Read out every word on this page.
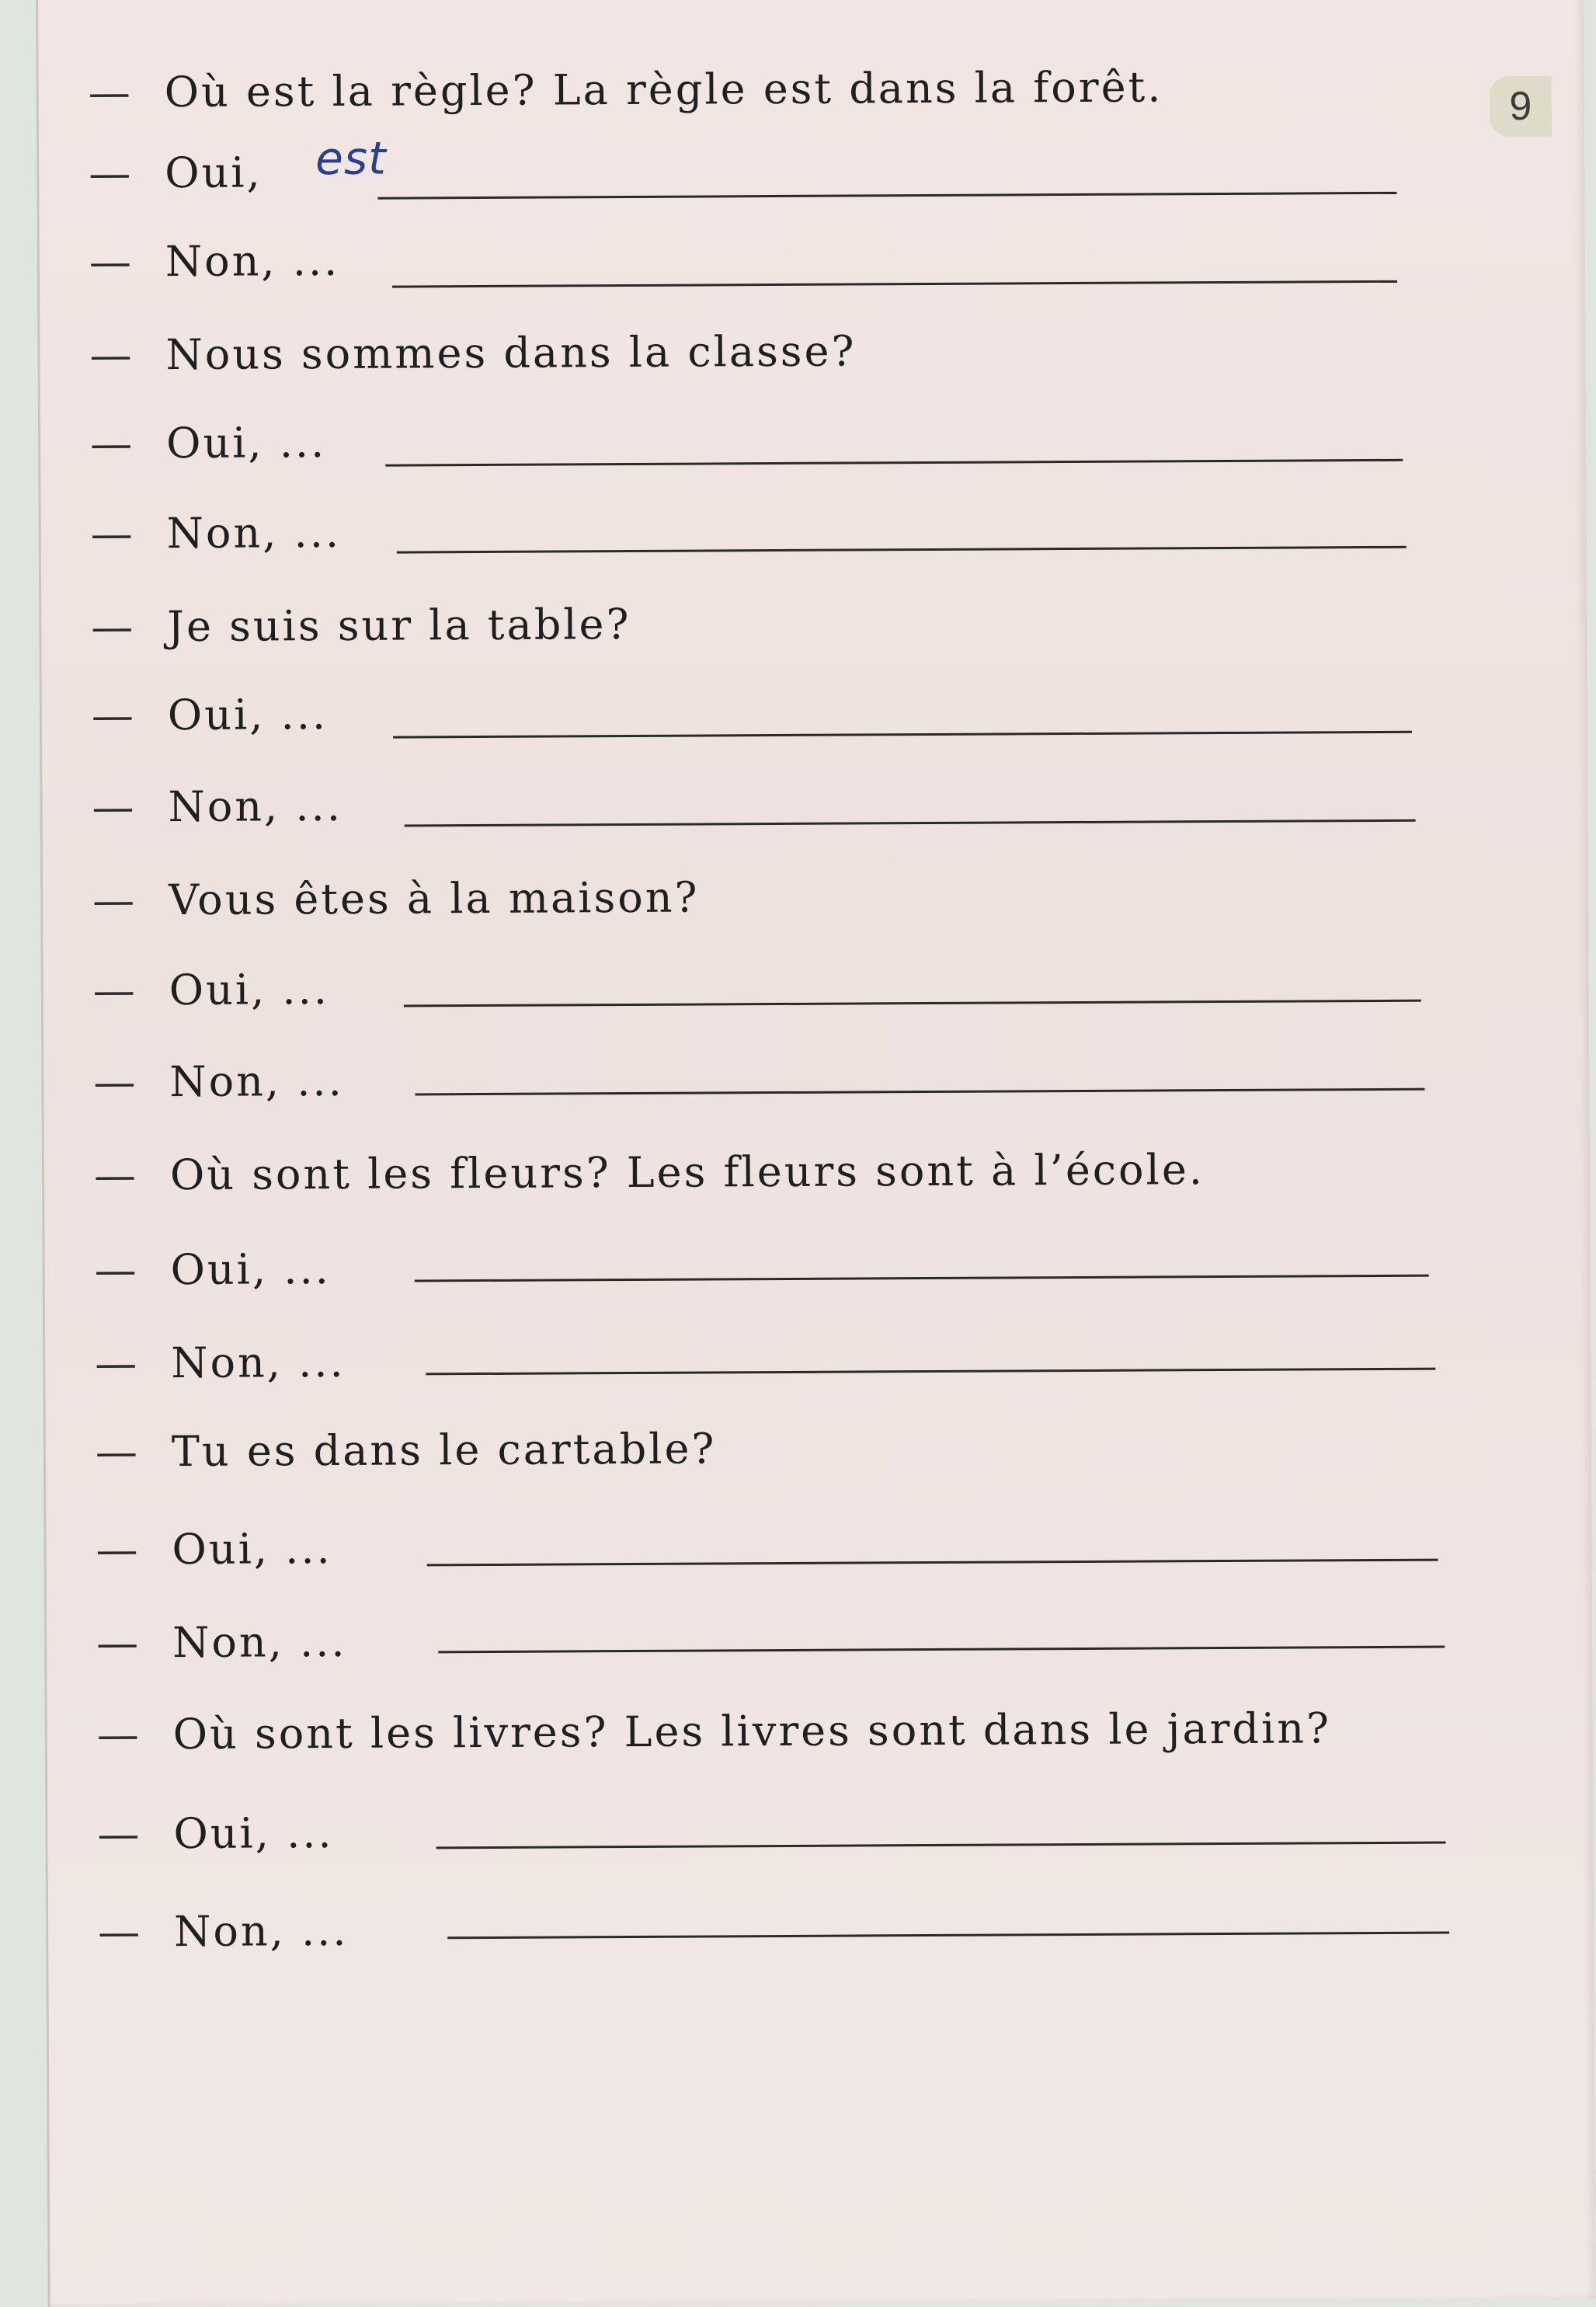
9
— Où est la règle? La règle est dans la forêt.
— Oui, est
— Non, ...
— Nous sommes dans la classe?
— Oui, ...
— Non, ...
— Je suis sur la table?
— Oui, ...
— Non, ...
— Vous êtes à la maison?
— Oui, ...
— Non, ...
— Où sont les fleurs? Les fleurs sont à l’école.
— Oui, ...
— Non, ...
— Tu es dans le cartable?
— Oui, ...
— Non, ...
— Où sont les livres? Les livres sont dans le jardin?
— Oui, ...
— Non, ...
